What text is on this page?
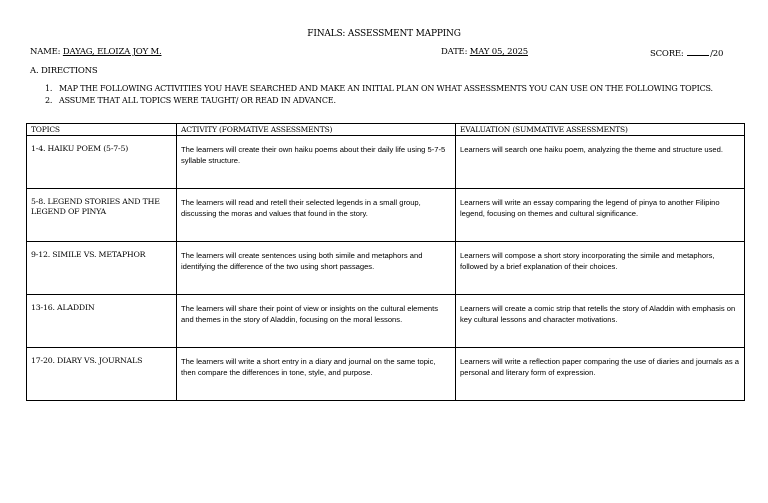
FINALS: ASSESSMENT MAPPING
NAME: DAYAG, ELOIZA JOY M.	DATE: MAY 05, 2025	SCORE:	/20
A. DIRECTIONS
1. MAP THE FOLLOWING ACTIVITIES YOU HAVE SEARCHED AND MAKE AN INITIAL PLAN ON WHAT ASSESSMENTS YOU CAN USE ON THE FOLLOWING TOPICS.
2. ASSUME THAT ALL TOPICS WERE TAUGHT/ OR READ IN ADVANCE.
TOPICS	ACTIVITY (FORMATIVE ASSESSMENTS)	EVALUATION (SUMMATIVE ASSESSMENTS)
1-4. HAIKU POEM (5-7-5)	The learners will create their own haiku poems about their daily life using 5-7-5 syllable structure.	Learners will search one haiku poem, analyzing the theme and structure used.
5-8. LEGEND STORIES AND THE LEGEND OF PINYA	The learners will read and retell their selected legends in a small group, discussing the moras and values that found in the story.	Learners will write an essay comparing the legend of pinya to another Filipino legend, focusing on themes and cultural significance.
9-12. SIMILE VS. METAPHOR	The learners will create sentences using both simile and metaphors and identifying the difference of the two using short passages.	Learners will compose a short story incorporating the simile and metaphors, followed by a brief explanation of their choices.
13-16. ALADDIN	The learners will share their point of view or insights on the cultural elements and themes in the story of Aladdin, focusing on the moral lessons.	Learners will create a comic strip that retells the story of Aladdin with emphasis on key cultural lessons and character motivations.
17-20. DIARY VS. JOURNALS	The learners will write a short entry in a diary and journal on the same topic, then compare the differences in tone, style, and purpose.	Learners will write a reflection paper comparing the use of diaries and journals as a personal and literary form of expression.
